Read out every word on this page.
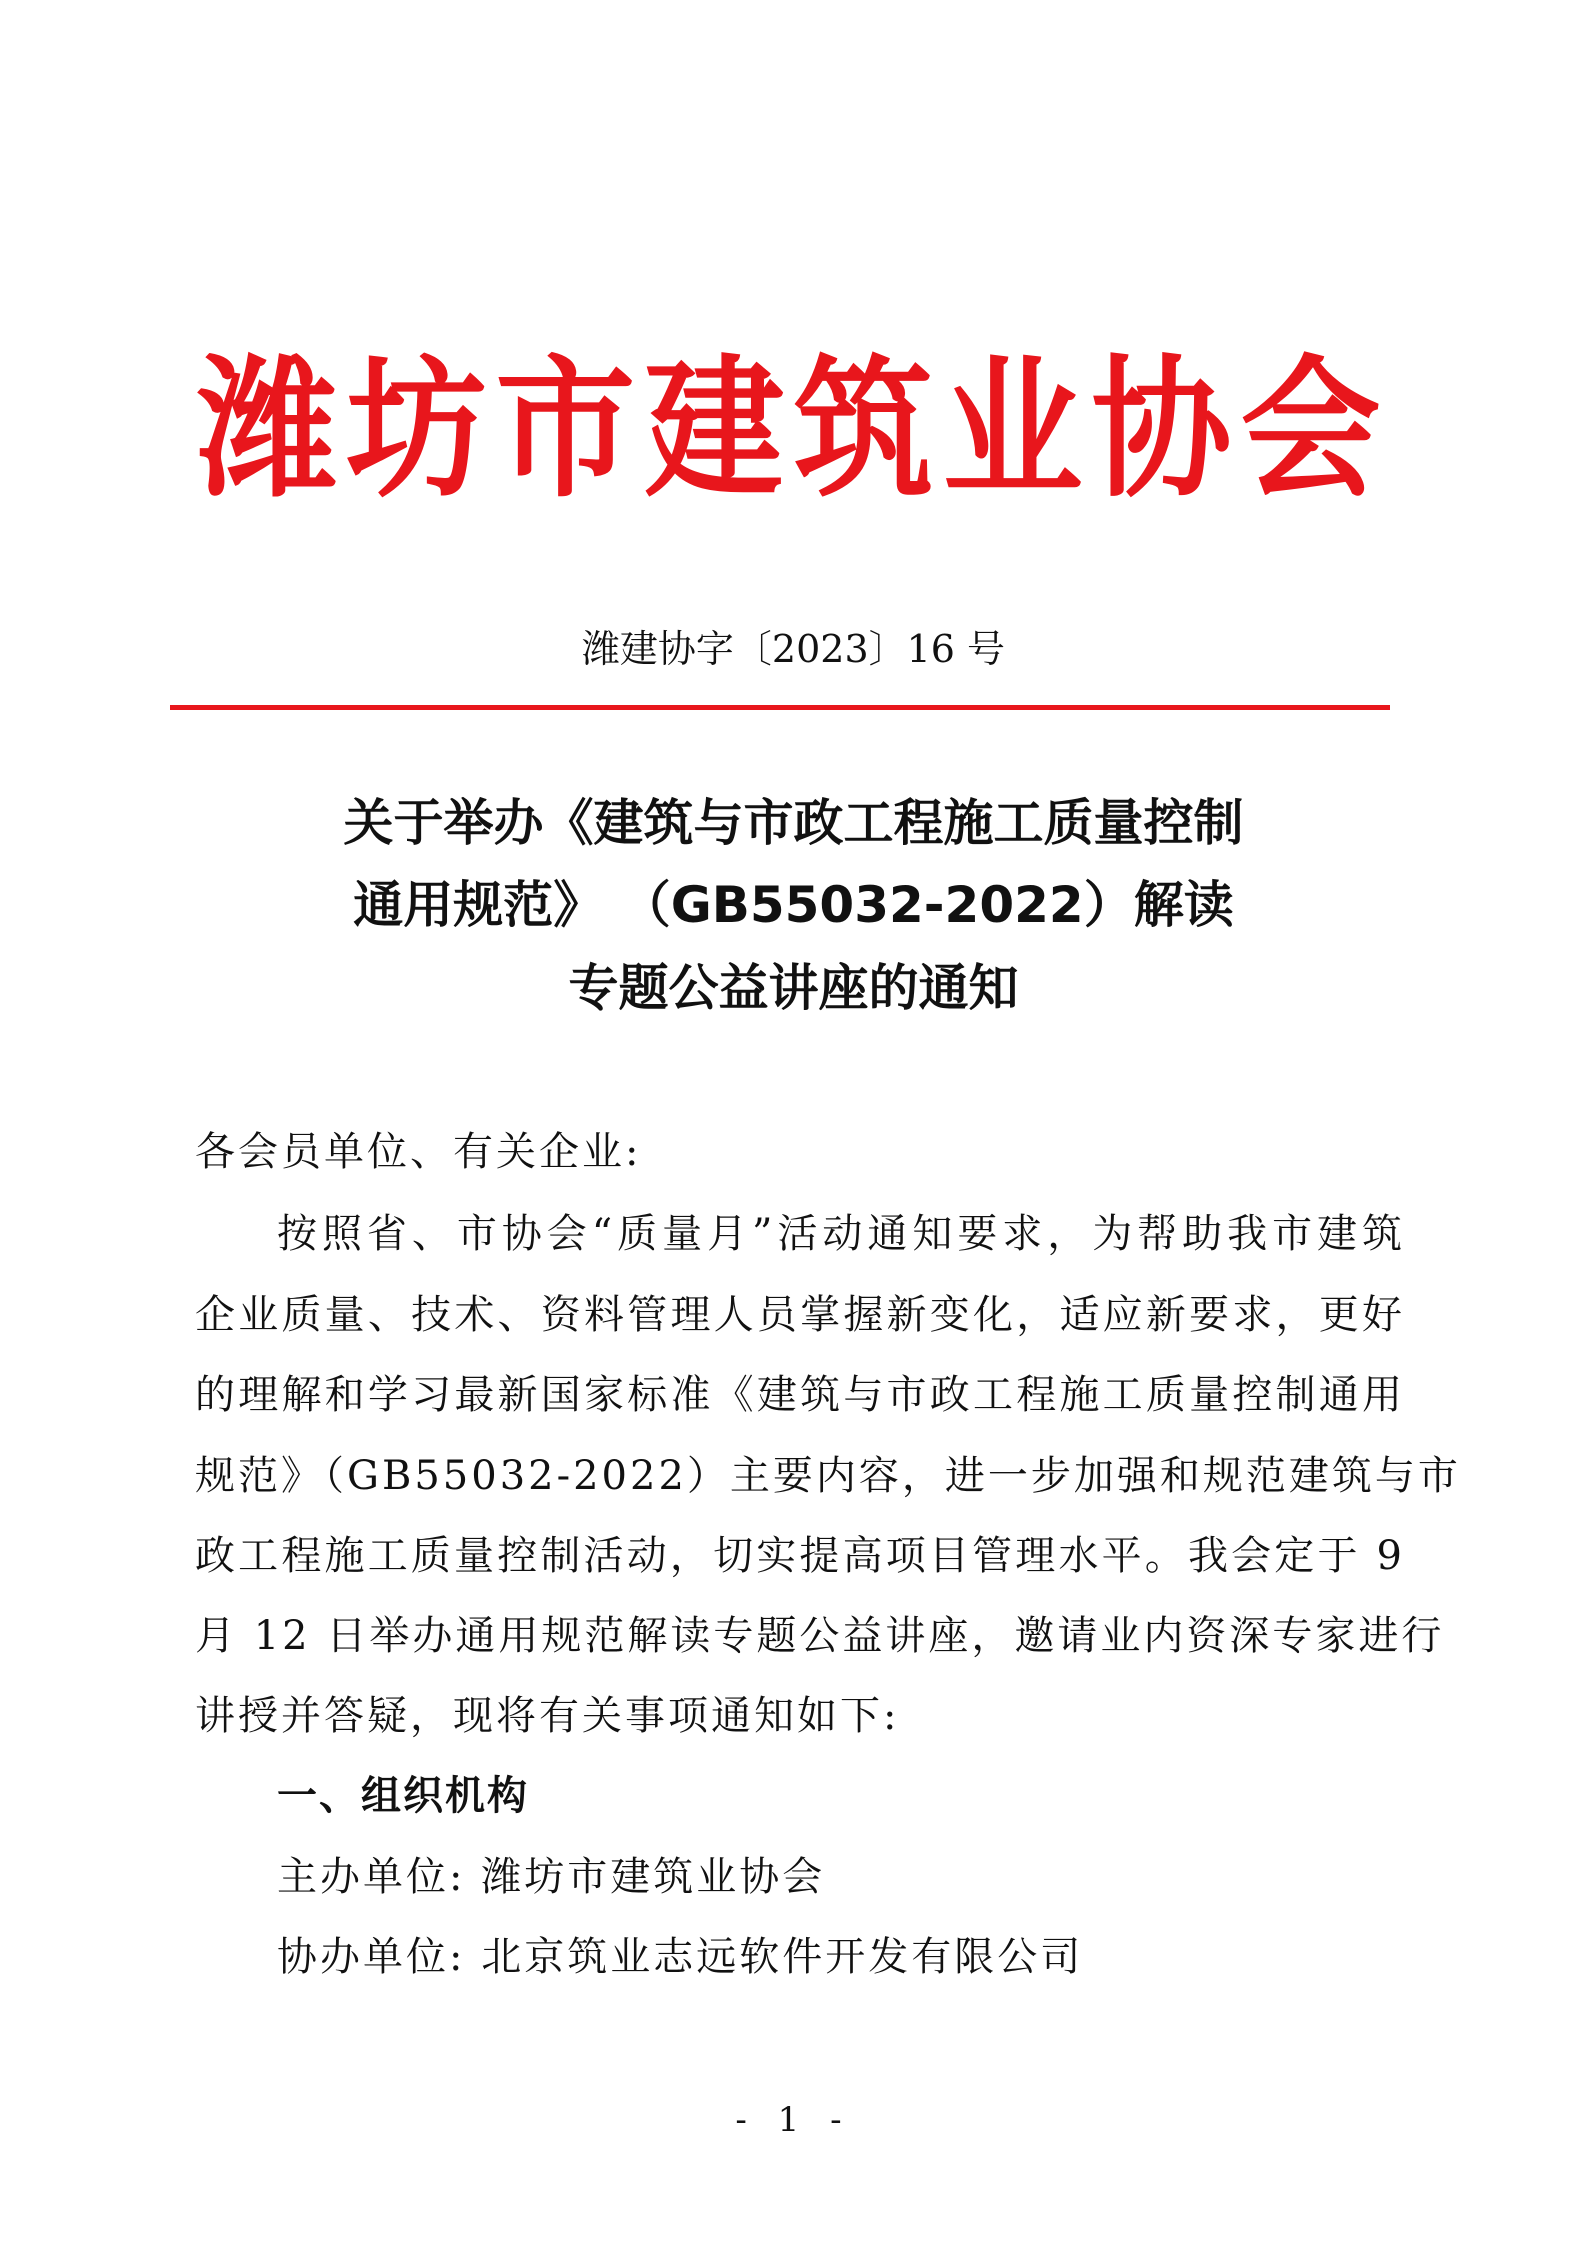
潍坊市建筑业协会
潍建协字〔2023〕16 号
关于举办《建筑与市政工程施工质量控制
通用规范》 （GB55032-2022）解读
专题公益讲座的通知
各会员单位、有关企业:
按照省、市协会“质量月”活动通知要求，为帮助我市建筑
企业质量、技术、资料管理人员掌握新变化，适应新要求，更好
的理解和学习最新国家标准《建筑与市政工程施工质量控制通用
规范》（GB55032-2022）主要内容，进一步加强和规范建筑与市
政工程施工质量控制活动，切实提高项目管理水平。我会定于 9
月 12 日举办通用规范解读专题公益讲座，邀请业内资深专家进行
讲授并答疑，现将有关事项通知如下:
一、组织机构
主办单位: 潍坊市建筑业协会
协办单位: 北京筑业志远软件开发有限公司
- 1 -
